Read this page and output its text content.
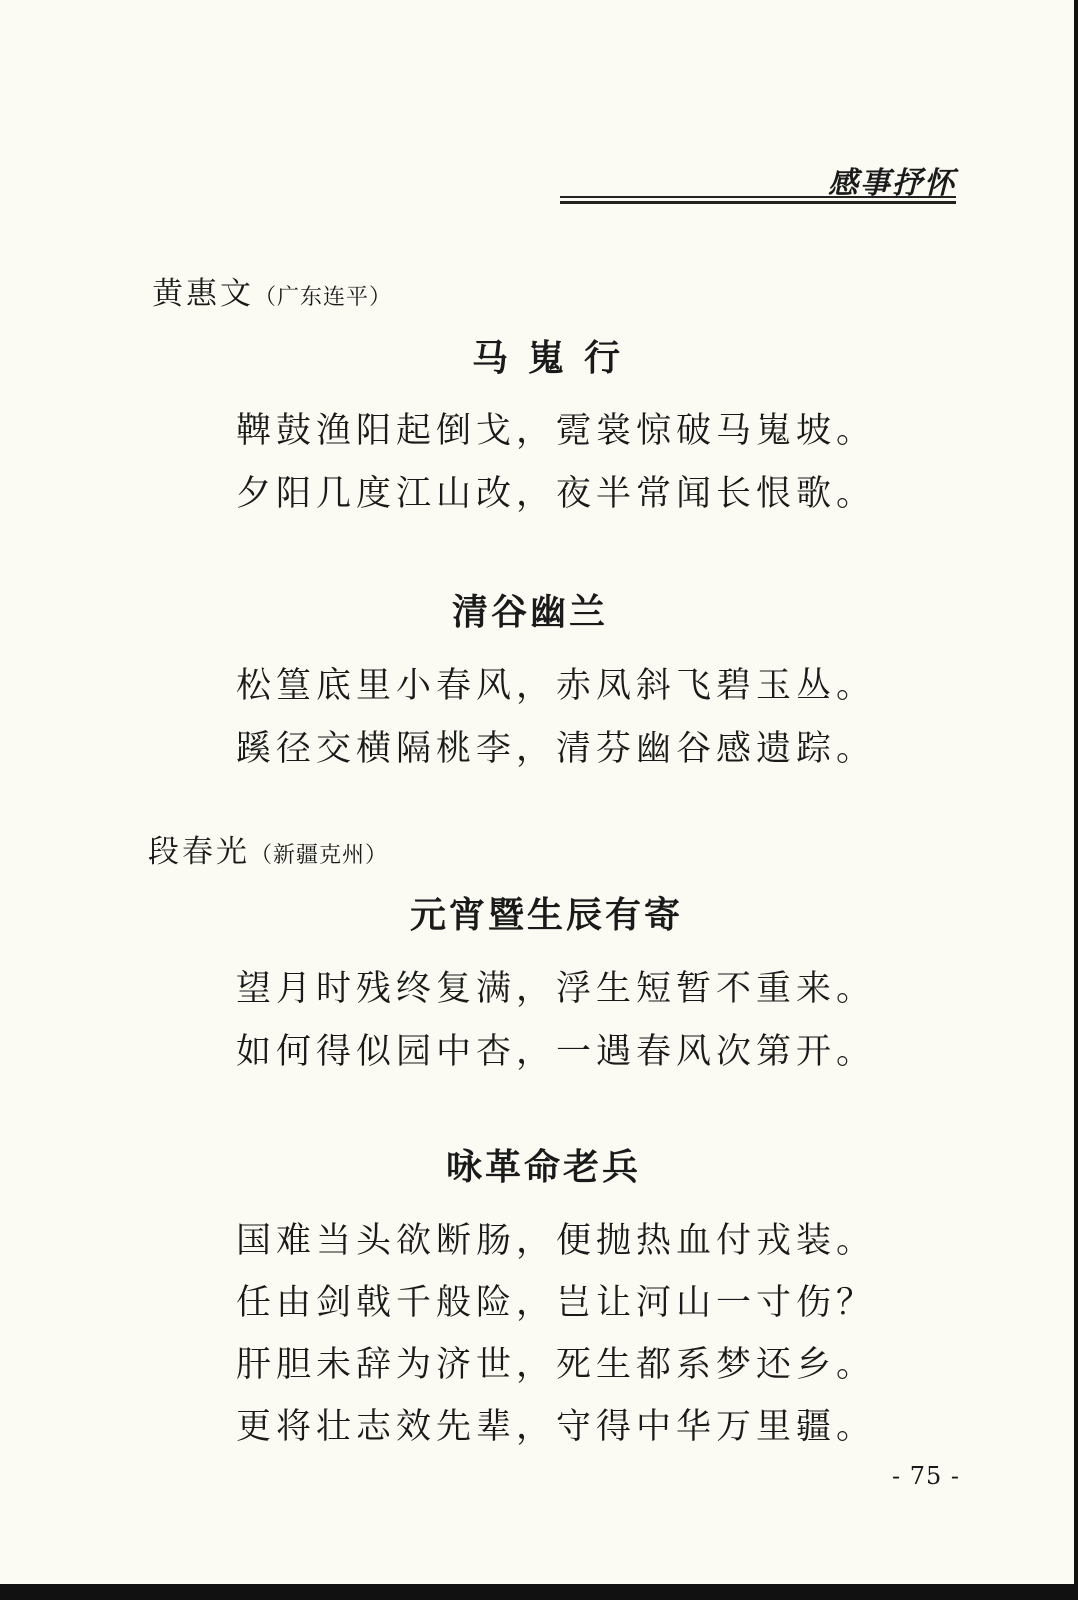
感事抒怀
黄惠文（广东连平）
马嵬行
鞞鼓渔阳起倒戈，霓裳惊破马嵬坡。
夕阳几度江山改，夜半常闻长恨歌。
清谷幽兰
松篁底里小春风，赤凤斜飞碧玉丛。
蹊径交横隔桃李，清芬幽谷感遗踪。
段春光（新疆克州）
元宵暨生辰有寄
望月时残终复满，浮生短暂不重来。
如何得似园中杏，一遇春风次第开。
咏革命老兵
国难当头欲断肠，便抛热血付戎装。
任由剑戟千般险，岂让河山一寸伤？
肝胆未辞为济世，死生都系梦还乡。
更将壮志效先辈，守得中华万里疆。
- 75 -
